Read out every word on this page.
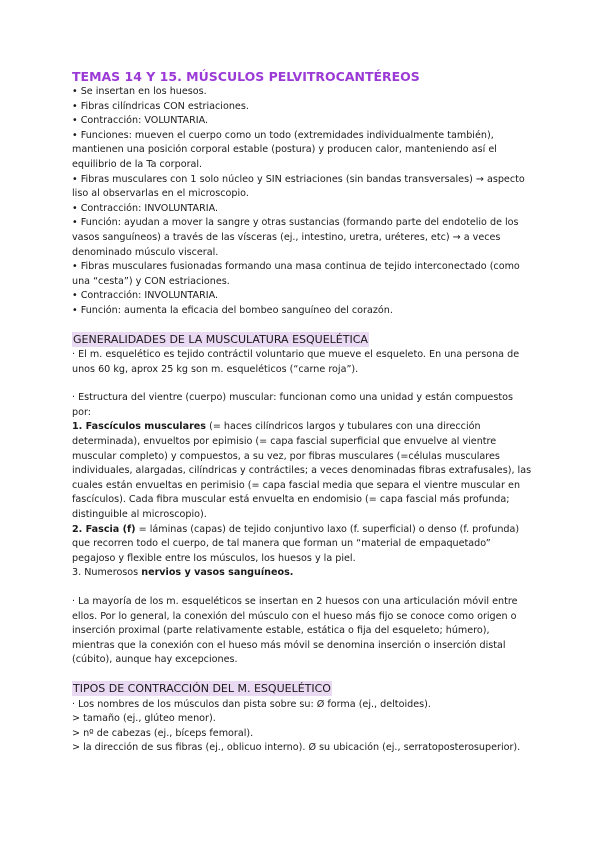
TEMAS 14 Y 15. MÚSCULOS PELVITROCANTÉREOS

• Se insertan en los huesos.

• Fibras cilíndricas CON estriaciones.

• Contracción: VOLUNTARIA.

• Funciones: mueven el cuerpo como un todo (extremidades individualmente también), mantienen una posición corporal estable (postura) y producen calor, manteniendo así el equilibrio de la Ta corporal.

• Fibras musculares con 1 solo núcleo y SIN estriaciones (sin bandas transversales) → aspecto liso al observarlas en el microscopio.

• Contracción: INVOLUNTARIA.

• Función: ayudan a mover la sangre y otras sustancias (formando parte del endotelio de los vasos sanguíneos) a través de las vísceras (ej., intestino, uretra, uréteres, etc) → a veces denominado músculo visceral.

• Fibras musculares fusionadas formando una masa continua de tejido interconectado (como una “cesta”) y CON estriaciones.

• Contracción: INVOLUNTARIA.

• Función: aumenta la eficacia del bombeo sanguíneo del corazón.

GENERALIDADES DE LA MUSCULATURA ESQUELÉTICA

· El m. esquelético es tejido contráctil voluntario que mueve el esqueleto. En una persona de unos 60 kg, aprox 25 kg son m. esqueléticos (“carne roja”).

· Estructura del vientre (cuerpo) muscular: funcionan como una unidad y están compuestos por:

1. Fascículos musculares (= haces cilíndricos largos y tubulares con una dirección determinada), envueltos por epimisio (= capa fascial superficial que envuelve al vientre muscular completo) y compuestos, a su vez, por fibras musculares (=células musculares individuales, alargadas, cilíndricas y contráctiles; a veces denominadas fibras extrafusales), las cuales están envueltas en perimisio (= capa fascial media que separa el vientre muscular en fascículos). Cada fibra muscular está envuelta en endomisio (= capa fascial más profunda; distinguible al microscopio).

2. Fascia (f) = láminas (capas) de tejido conjuntivo laxo (f. superficial) o denso (f. profunda) que recorren todo el cuerpo, de tal manera que forman un “material de empaquetado” pegajoso y flexible entre los músculos, los huesos y la piel.

3. Numerosos nervios y vasos sanguíneos.

· La mayoría de los m. esqueléticos se insertan en 2 huesos con una articulación móvil entre ellos. Por lo general, la conexión del músculo con el hueso más fijo se conoce como origen o inserción proximal (parte relativamente estable, estática o fija del esqueleto; húmero), mientras que la conexión con el hueso más móvil se denomina inserción o inserción distal (cúbito), aunque hay excepciones.

TIPOS DE CONTRACCIÓN DEL M. ESQUELÉTICO

· Los nombres de los músculos dan pista sobre su: Ø forma (ej., deltoides).

> tamaño (ej., glúteo menor).

> nº de cabezas (ej., bíceps femoral).

> la dirección de sus fibras (ej., oblicuo interno). Ø su ubicación (ej., serratoposterosuperior).
